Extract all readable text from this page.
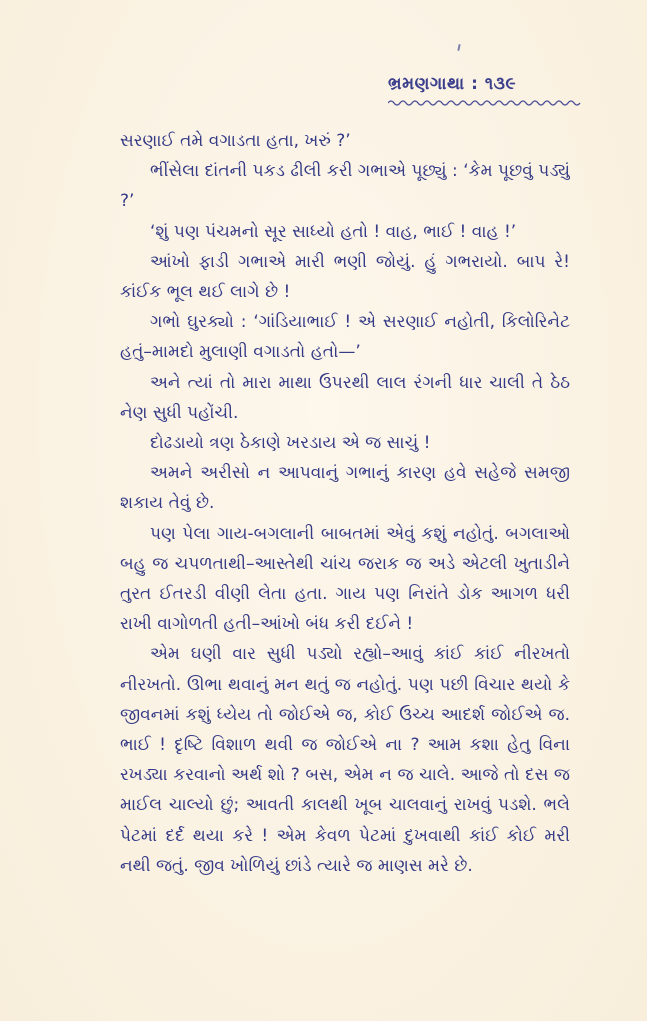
ભ્રમણગાથા : ૧૩૯

સરણાઈ તમે વગાડતા હતા, ખરું ?’

ભીંસેલા દાંતની પકડ ઢીલી કરી ગભાએ પૂછ્યું : ‘કેમ પૂછવું પડ્યું ?’

‘શું પણ પંચમનો સૂર સાધ્યો હતો ! વાહ, ભાઈ ! વાહ !’

આંખો ફાડી ગભાએ મારી ભણી જોયું. હું ગભરાયો. બાપ રે! કાંઈક ભૂલ થઈ લાગે છે !

ગભો ઘુરક્યો : ‘ગાંડિયાભાઈ ! એ સરણાઈ નહોતી, કિલોરિનેટ હતું–મામદો મુલાણી વગાડતો હતો—’

અને ત્યાં તો મારા માથા ઉપરથી લાલ રંગની ધાર ચાલી તે ઠેઠ નેણ સુધી પહોંચી.

દોઢડાયો ત્રણ ઠેકાણે ખરડાય એ જ સાચું !

અમને અરીસો ન આપવાનું ગભાનું કારણ હવે સહેજે સમજી શકાય તેવું છે.

પણ પેલા ગાય-બગલાની બાબતમાં એવું કશું નહોતું. બગલાઓ બહુ જ ચપળતાથી–આસ્તેથી ચાંચ જરાક જ અડે એટલી ખુતાડીને તુરત ઈતરડી વીણી લેતા હતા. ગાય પણ નિરાંતે ડોક આગળ ધરી રાખી વાગોળતી હતી–આંખો બંધ કરી દઈને !

એમ ઘણી વાર સુધી પડ્યો રહ્યો–આવું કાંઈ કાંઈ નીરખતો નીરખતો. ઊભા થવાનું મન થતું જ નહોતું. પણ પછી વિચાર થયો કે જીવનમાં કશું ધ્યેય તો જોઈએ જ, કોઈ ઉચ્ચ આદર્શ જોઈએ જ. ભાઈ ! દૃષ્ટિ વિશાળ થવી જ જોઈએ ના ? આમ કશા હેતુ વિના રખડ્યા કરવાનો અર્થ શો ? બસ, એમ ન જ ચાલે. આજે તો દસ જ માઈલ ચાલ્યો છું; આવતી કાલથી ખૂબ ચાલવાનું રાખવું પડશે. ભલે પેટમાં દર્દ થયા કરે ! એમ કેવળ પેટમાં દુખવાથી કાંઈ કોઈ મરી નથી જતું. જીવ ખોળિયું છાંડે ત્યારે જ માણસ મરે છે.
